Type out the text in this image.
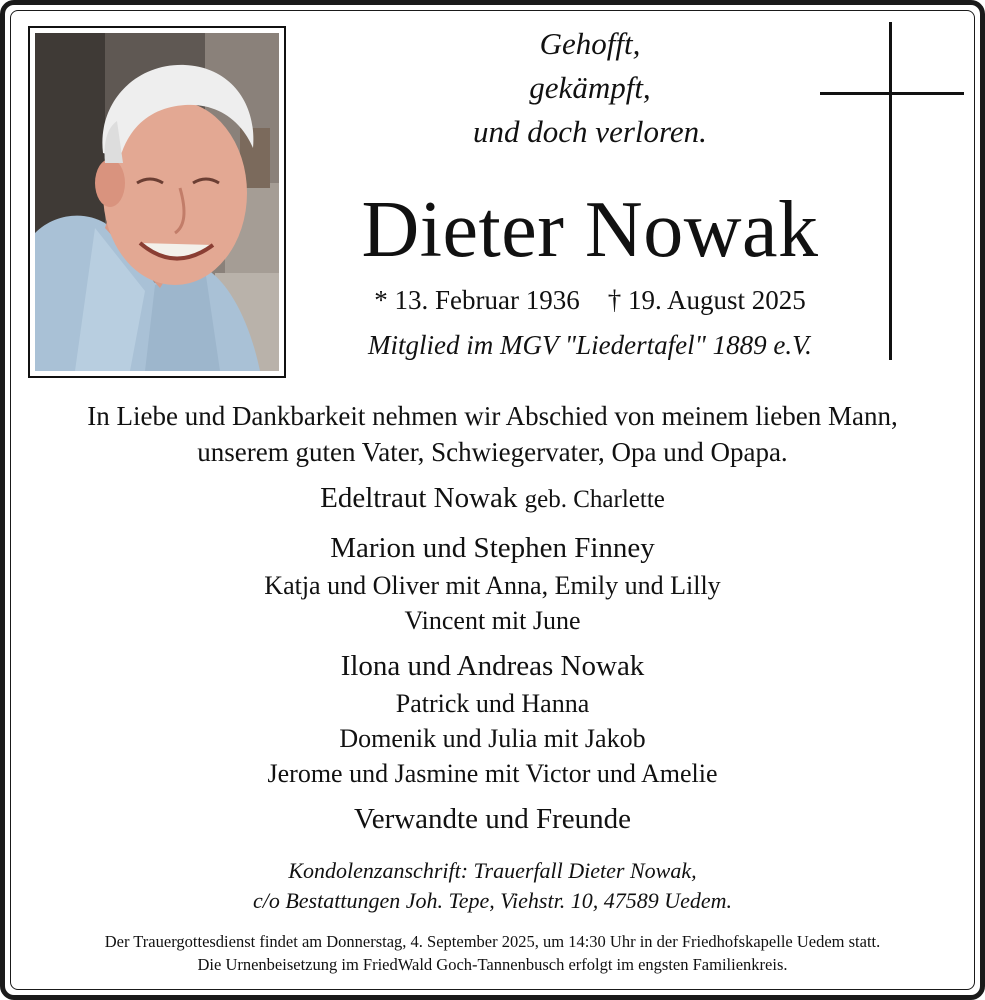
Gehofft,
gekämpft,
und doch verloren.
Dieter Nowak
* 13. Februar 1936 † 19. August 2025
Mitglied im MGV "Liedertafel" 1889 e.V.
In Liebe und Dankbarkeit nehmen wir Abschied von meinem lieben Mann,
unserem guten Vater, Schwiegervater, Opa und Opapa.
Edeltraut Nowak geb. Charlette
Marion und Stephen Finney
Katja und Oliver mit Anna, Emily und Lilly
Vincent mit June
Ilona und Andreas Nowak
Patrick und Hanna
Domenik und Julia mit Jakob
Jerome und Jasmine mit Victor und Amelie
Verwandte und Freunde
Kondolenzanschrift: Trauerfall Dieter Nowak,
c/o Bestattungen Joh. Tepe, Viehstr. 10, 47589 Uedem.
Der Trauergottesdienst findet am Donnerstag, 4. September 2025, um 14:30 Uhr in der Friedhofskapelle Uedem statt.
Die Urnenbeisetzung im FriedWald Goch-Tannenbusch erfolgt im engsten Familienkreis.
